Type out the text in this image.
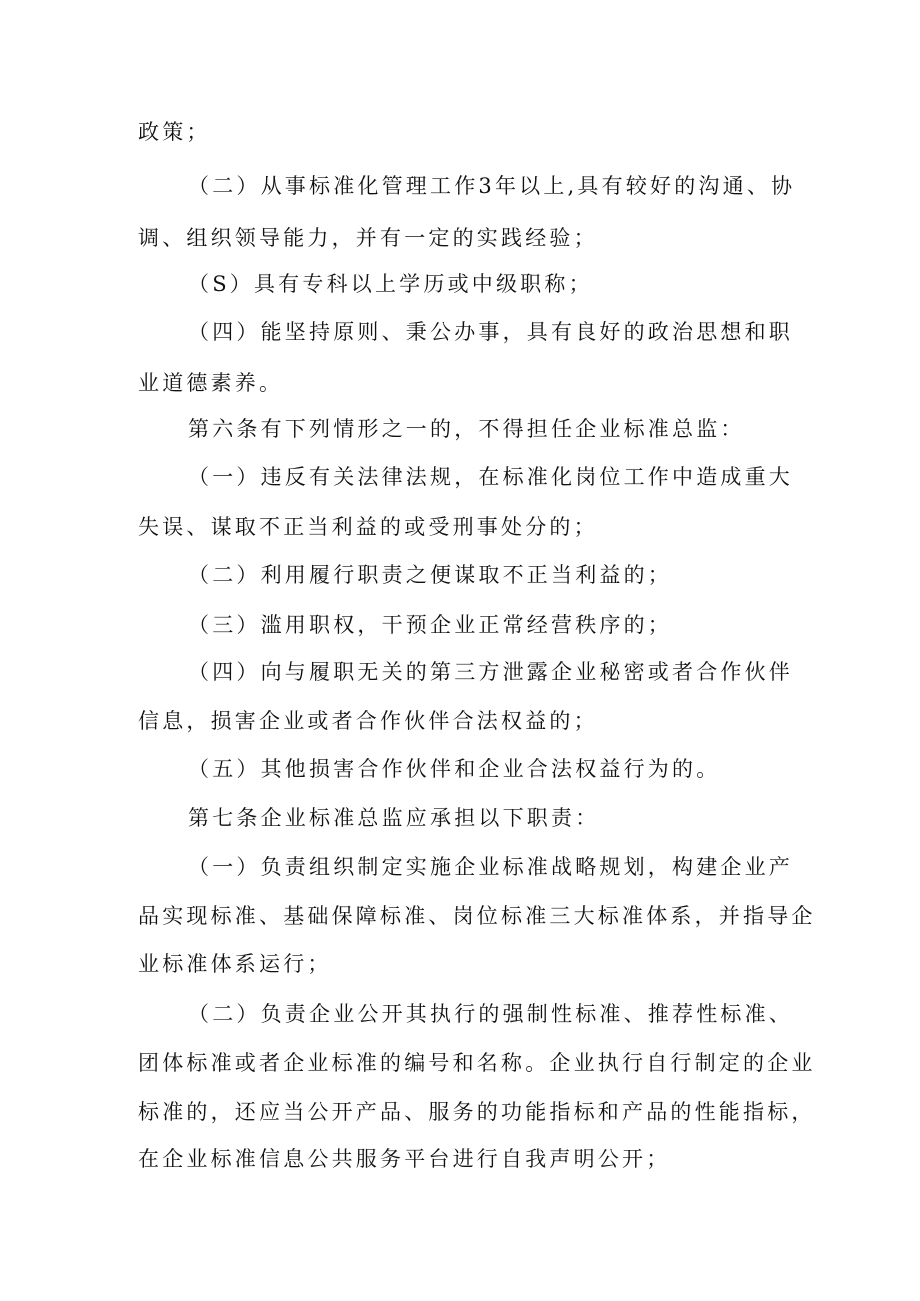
政策；
（二）从事标准化管理工作3年以上,具有较好的沟通、协
调、组织领导能力，并有一定的实践经验；
（S）具有专科以上学历或中级职称；
（四）能坚持原则、秉公办事，具有良好的政治思想和职
业道德素养。
第六条有下列情形之一的，不得担任企业标准总监：
（一）违反有关法律法规，在标准化岗位工作中造成重大
失误、谋取不正当利益的或受刑事处分的；
（二）利用履行职责之便谋取不正当利益的；
（三）滥用职权，干预企业正常经营秩序的；
（四）向与履职无关的第三方泄露企业秘密或者合作伙伴
信息，损害企业或者合作伙伴合法权益的；
（五）其他损害合作伙伴和企业合法权益行为的。
第七条企业标准总监应承担以下职责：
（一）负责组织制定实施企业标准战略规划，构建企业产
品实现标准、基础保障标准、岗位标准三大标准体系，并指导企
业标准体系运行；
（二）负责企业公开其执行的强制性标准、推荐性标准、
团体标准或者企业标准的编号和名称。企业执行自行制定的企业
标准的，还应当公开产品、服务的功能指标和产品的性能指标，
在企业标准信息公共服务平台进行自我声明公开；
